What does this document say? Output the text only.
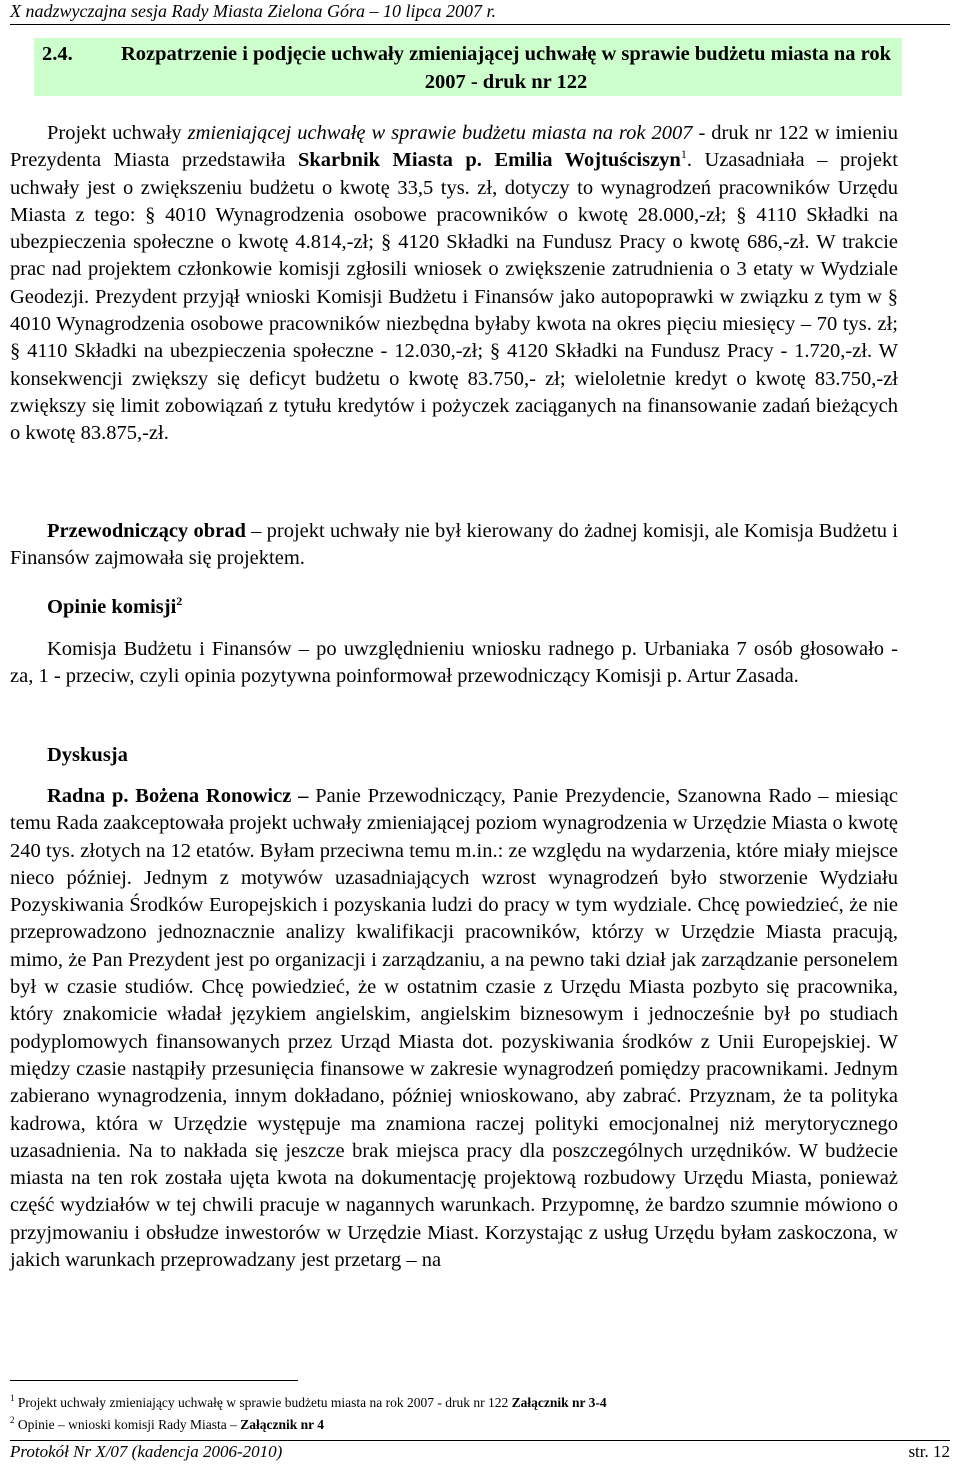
X nadzwyczajna sesja Rady Miasta Zielona Góra – 10 lipca 2007 r.
2.4. Rozpatrzenie i podjęcie uchwały zmieniającej uchwałę w sprawie budżetu miasta na rok 2007 - druk nr 122
Projekt uchwały zmieniającej uchwałę w sprawie budżetu miasta na rok 2007 - druk nr 122 w imieniu Prezydenta Miasta przedstawiła Skarbnik Miasta p. Emilia Wojtuściszyn$^1$. Uzasadniała – projekt uchwały jest o zwiększeniu budżetu o kwotę 33,5 tys. zł, dotyczy to wynagrodzeń pracowników Urzędu Miasta z tego: § 4010 Wynagrodzenia osobowe pracowników o kwotę 28.000,-zł; § 4110 Składki na ubezpieczenia społeczne o kwotę 4.814,-zł; § 4120 Składki na Fundusz Pracy o kwotę 686,-zł. W trakcie prac nad projektem członkowie komisji zgłosili wniosek o zwiększenie zatrudnienia o 3 etaty w Wydziale Geodezji. Prezydent przyjął wnioski Komisji Budżetu i Finansów jako autopoprawki w związku z tym w § 4010 Wynagrodzenia osobowe pracowników niezbędna byłaby kwota na okres pięciu miesięcy – 70 tys. zł; § 4110 Składki na ubezpieczenia społeczne - 12.030,-zł; § 4120 Składki na Fundusz Pracy - 1.720,-zł. W konsekwencji zwiększy się deficyt budżetu o kwotę 83.750,- zł; wieloletnie kredyt o kwotę 83.750,-zł zwiększy się limit zobowiązań z tytułu kredytów i pożyczek zaciąganych na finansowanie zadań bieżących o kwotę 83.875,-zł.
Przewodniczący obrad – projekt uchwały nie był kierowany do żadnej komisji, ale Komisja Budżetu i Finansów zajmowała się projektem.
Opinie komisji$^2$
Komisja Budżetu i Finansów – po uwzględnieniu wniosku radnego p. Urbaniaka 7 osób głosowało - za, 1 - przeciw, czyli opinia pozytywna poinformował przewodniczący Komisji p. Artur Zasada.
Dyskusja
Radna p. Bożena Ronowicz – Panie Przewodniczący, Panie Prezydencie, Szanowna Rado – miesiąc temu Rada zaakceptowała projekt uchwały zmieniającej poziom wynagrodzenia w Urzędzie Miasta o kwotę 240 tys. złotych na 12 etatów. Byłam przeciwna temu m.in.: ze względu na wydarzenia, które miały miejsce nieco później. Jednym z motywów uzasadniających wzrost wynagrodzeń było stworzenie Wydziału Pozyskiwania Środków Europejskich i pozyskania ludzi do pracy w tym wydziale. Chcę powiedzieć, że nie przeprowadzono jednoznacznie analizy kwalifikacji pracowników, którzy w Urzędzie Miasta pracują, mimo, że Pan Prezydent jest po organizacji i zarządzaniu, a na pewno taki dział jak zarządzanie personelem był w czasie studiów. Chcę powiedzieć, że w ostatnim czasie z Urzędu Miasta pozbyto się pracownika, który znakomicie władał językiem angielskim, angielskim biznesowym i jednocześnie był po studiach podyplomowych finansowanych przez Urząd Miasta dot. pozyskiwania środków z Unii Europejskiej. W między czasie nastąpiły przesunięcia finansowe w zakresie wynagrodzeń pomiędzy pracownikami. Jednym zabierano wynagrodzenia, innym dokładano, później wnioskowano, aby zabrać. Przyznam, że ta polityka kadrowa, która w Urzędzie występuje ma znamiona raczej polityki emocjonalnej niż merytorycznego uzasadnienia. Na to nakłada się jeszcze brak miejsca pracy dla poszczególnych urzędników. W budżecie miasta na ten rok została ujęta kwota na dokumentację projektową rozbudowy Urzędu Miasta, ponieważ część wydziałów w tej chwili pracuje w nagannych warunkach. Przypomnę, że bardzo szumnie mówiono o przyjmowaniu i obsłudze inwestorów w Urzędzie Miast. Korzystając z usług Urzędu byłam zaskoczona, w jakich warunkach przeprowadzany jest przetarg – na
$^1$ Projekt uchwały zmieniający uchwałę w sprawie budżetu miasta na rok 2007 - druk nr 122 Załącznik nr 3-4
$^2$ Opinie – wnioski komisji Rady Miasta – Załącznik nr 4
Protokół Nr X/07 (kadencja 2006-2010)	str. 12
